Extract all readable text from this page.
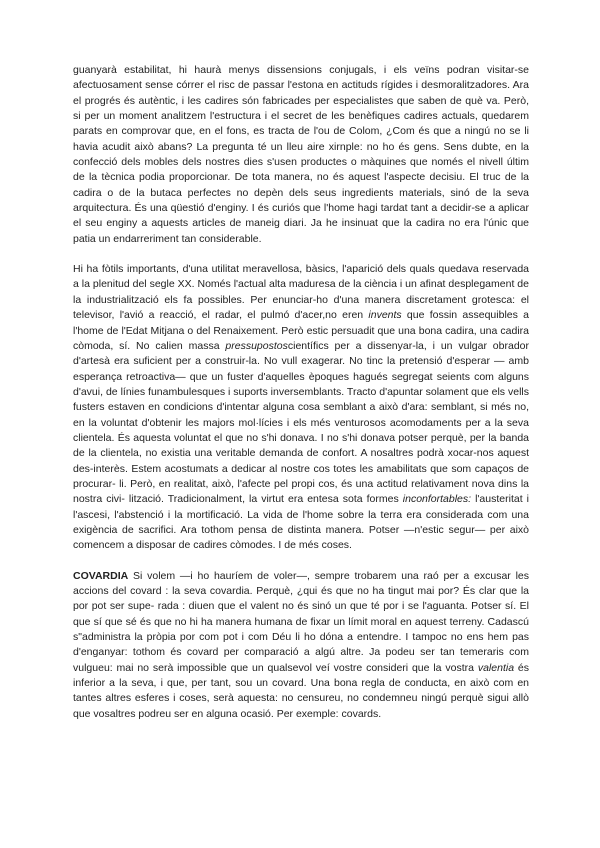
guanyarà estabilitat, hi haurà menys dissensions conjugals, i els veïns podran visitar-se afectuosament sense córrer el risc de passar l'estona en actituds rígides i desmoralitzadores. Ara el progrés és autèntic, i les cadires són fabricades per especialistes que saben de què va. Però, si per un moment analitzem l'estructura i el secret de les benèfiques cadires actuals, quedarem parats en comprovar que, en el fons, es tracta de l'ou de Colom, ¿Com és que a ningú no se li havia acudit això abans? La pregunta té un lleu aire xirnple: no ho és gens. Sens dubte, en la confecció dels mobles dels nostres dies s'usen productes o màquines que només el nivell últim de la tècnica podia proporcionar. De tota manera, no és aquest l'aspecte decisiu. El truc de la cadira o de la butaca perfectes no depèn dels seus ingredients materials, sinó de la seva arquitectura. És una qüestió d'enginy. I és curiós que l'home hagi tardat tant a decidir-se a aplicar el seu enginy a aquests articles de maneig diari. Ja he insinuat que la cadira no era l'únic que patia un endarreriment tan considerable.

Hi ha fòtils importants, d'una utilitat meravellosa, bàsics, l'aparició dels quals quedava reservada a la plenitud del segle XX. Només l'actual alta maduresa de la ciència i un afinat desplegament de la industrialització els fa possibles. Per enunciar-ho d'una manera discretament grotesca: el televisor, l'avió a reacció, el radar, el pulmó d'acer,no eren invents que fossin assequibles a l'home de l'Edat Mitjana o del Renaixement. Però estic persuadit que una bona cadira, una cadira còmoda, sí. No calien massa pressupostoscientífics per a dissenyar-la, i un vulgar obrador d'artesà era suficient per a construir-la. No vull exagerar. No tinc la pretensió d'esperar — amb esperança retroactiva— que un fuster d'aquelles èpoques hagués segregat seients com alguns d'avui, de línies funambulesques i suports inversemblants. Tracto d'apuntar solament que els vells fusters estaven en condicions d'intentar alguna cosa semblant a això d'ara: semblant, si més no, en la voluntat d'obtenir les majors mol·lícies i els més venturosos acomodaments per a la seva clientela. És aquesta voluntat el que no s'hi donava. I no s'hi donava potser perquè, per la banda de la clientela, no existia una veritable demanda de confort. A nosaltres podrà xocar-nos aquest des-interès. Estem acostumats a dedicar al nostre cos totes les amabilitats que som capaços de procurar- li. Però, en realitat, això, l'afecte pel propi cos, és una actitud relativament nova dins la nostra civi- lització. Tradicionalment, la virtut era entesa sota formes inconfortables: l'austeritat i l'ascesi, l'abstenció i la mortificació. La vida de l'home sobre la terra era considerada com una exigència de sacrifici. Ara tothom pensa de distinta manera. Potser —n'estic segur— per això comencem a disposar de cadires còmodes. I de més coses.

COVARDIA Si volem —i ho hauríem de voler—, sempre trobarem una raó per a excusar les accions del covard : la seva covardia. Perquè, ¿qui és que no ha tingut mai por? És clar que la por pot ser supe- rada : diuen que el valent no és sinó un que té por i se l'aguanta. Potser sí. El que sí que sé és que no hi ha manera humana de fixar un límit moral en aquest terreny. Cadascú s"administra la pròpia por com pot i com Déu li ho dóna a entendre. I tampoc no ens hem pas d'enganyar: tothom és covard per comparació a algú altre. Ja podeu ser tan temeraris com vulgueu: mai no serà impossible que un qualsevol veí vostre consideri que la vostra valentia és inferior a la seva, i que, per tant, sou un covard. Una bona regla de conducta, en això com en tantes altres esferes i coses, serà aquesta: no censureu, no condemneu ningú perquè sigui allò que vosaltres podreu ser en alguna ocasió. Per exemple: covards.
